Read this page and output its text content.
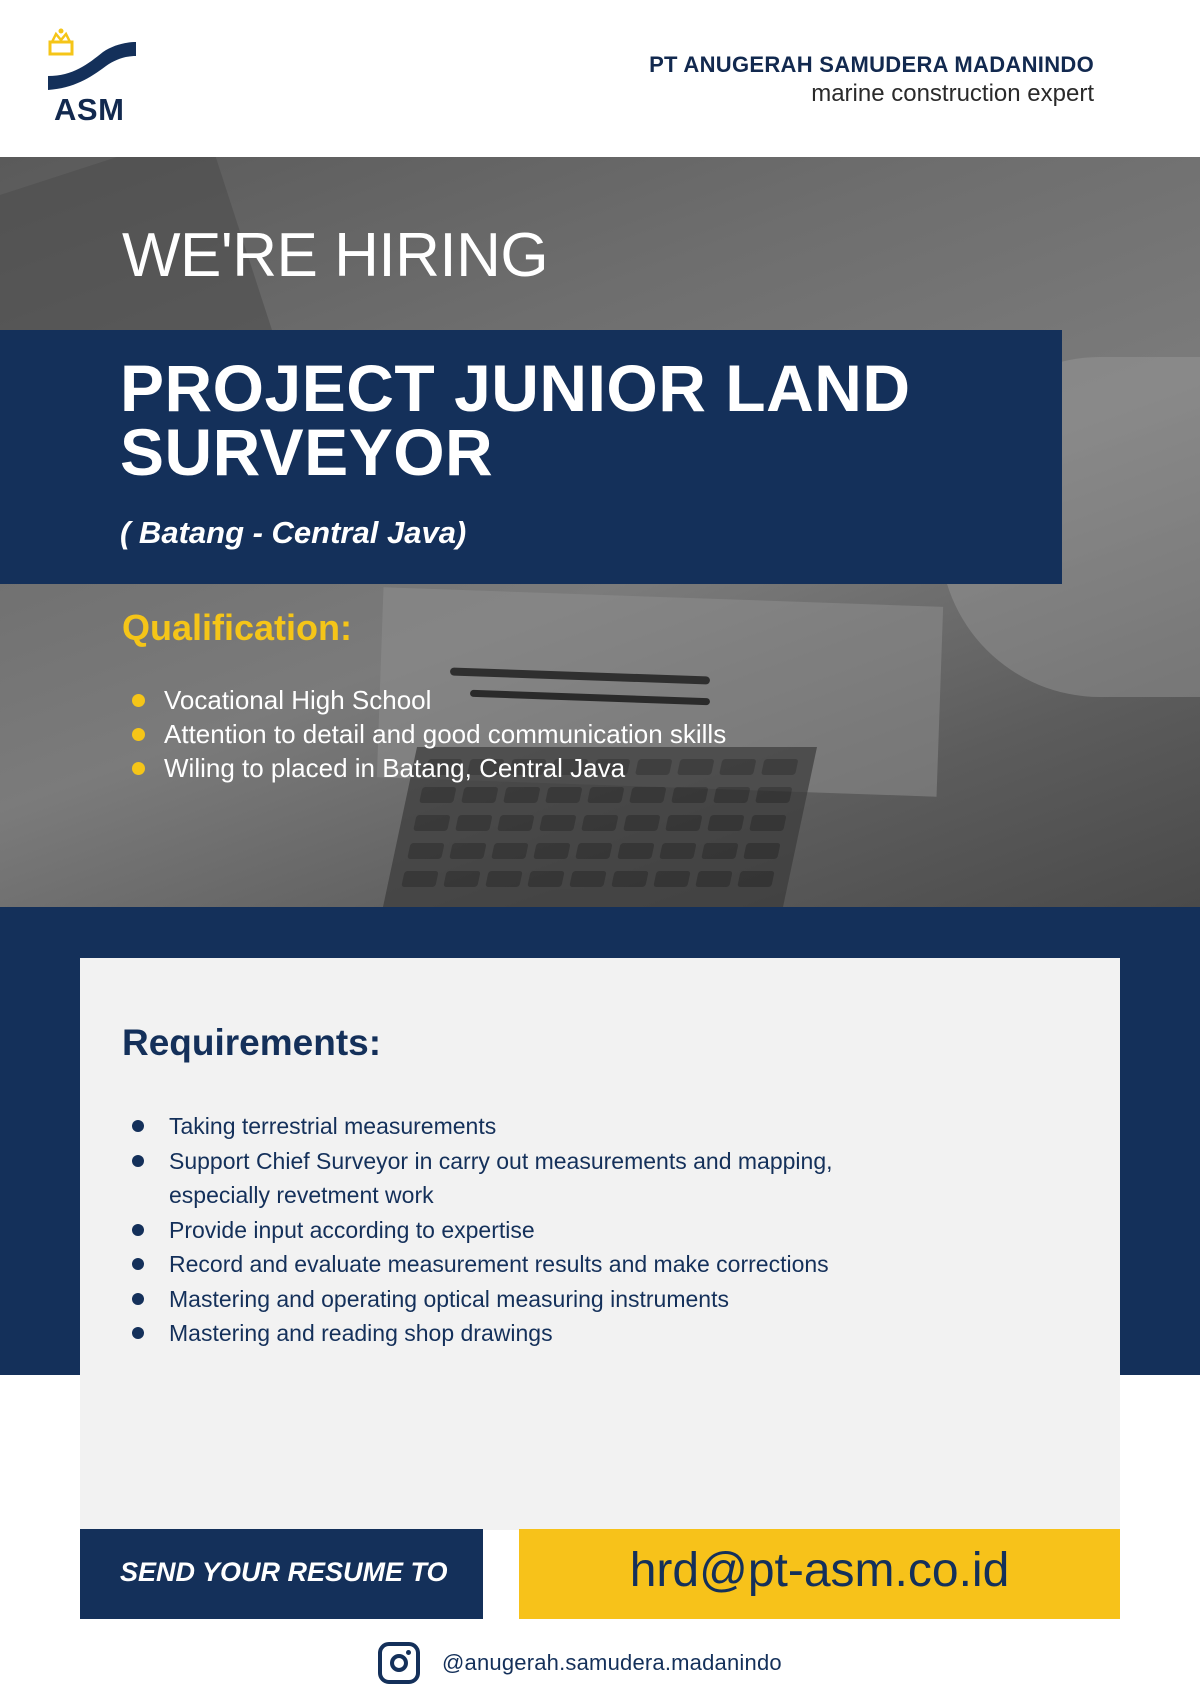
ASM
PT ANUGERAH SAMUDERA MADANINDO
marine construction expert
WE'RE HIRING
PROJECT JUNIOR LAND SURVEYOR
( Batang - Central Java)
Qualification:
Vocational High School
Attention to detail and good communication skills
Wiling to placed in Batang, Central Java
Requirements:
Taking terrestrial measurements
Support Chief Surveyor in carry out measurements and mapping, especially revetment work
Provide input according to expertise
Record and evaluate measurement results and make corrections
Mastering and operating optical measuring instruments
Mastering and reading shop drawings
SEND YOUR RESUME TO	hrd@pt-asm.co.id
@anugerah.samudera.madanindo
